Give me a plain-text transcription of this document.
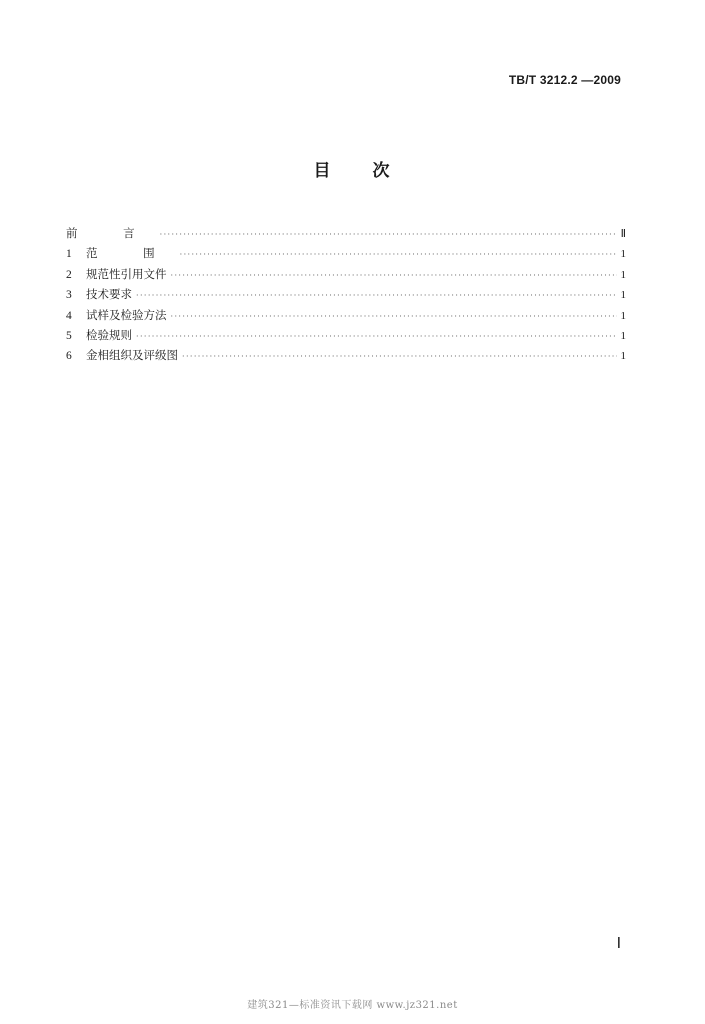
TB/T 3212.2 —2009
目 次
前 言 ·····	Ⅱ
1	范 围 ·····	1
2	规范性引用文件 ·····	1
3	技术要求 ·····	1
4	试样及检验方法 ·····	1
5	检验规则 ·····	1
6	金相组织及评级图 ·····	1
Ⅰ
建筑321—标准资讯下载网 www.jz321.net
